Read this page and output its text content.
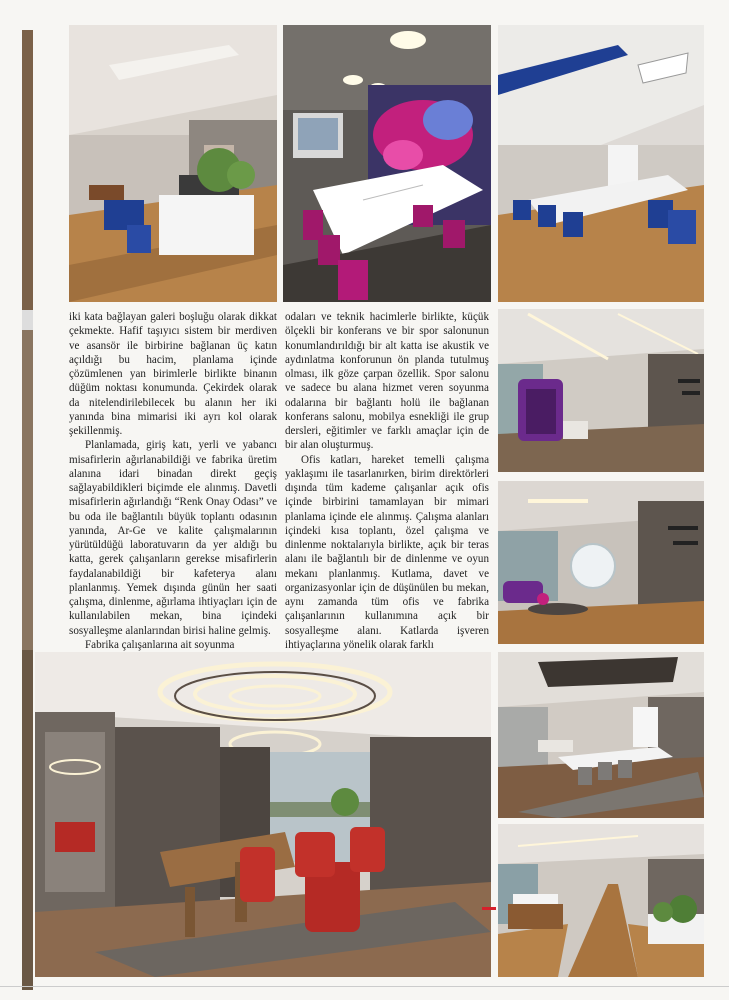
iki kata bağlayan galeri boşluğu olarak dikkat çekmekte. Hafif taşıyıcı sistem bir merdiven ve asansör ile birbirine bağlanan üç katın açıldığı bu hacim, planlama içinde çözümlenen yan birimlerle birlikte binanın düğüm noktası konumunda. Çekirdek olarak da nitelendirilebilecek bu alanın her iki yanında bina mimarisi iki ayrı kol olarak şekillenmiş.

Planlamada, giriş katı, yerli ve yabancı misafirlerin ağırlanabildiği ve fabrika üretim alanına idari binadan direkt geçiş sağlayabildikleri biçimde ele alınmış. Davetli misafirlerin ağırlandığı “Renk Onay Odası” ve bu oda ile bağlantılı büyük toplantı odasının yanında, Ar-Ge ve kalite çalışmalarının yürütüldüğü laboratuvarın da yer aldığı bu katta, gerek çalışanların gerekse misafirlerin faydalanabildiği bir kafeterya alanı planlanmış. Yemek dışında günün her saati çalışma, dinlenme, ağırlama ihtiyaçları için de kullanılabilen mekan, bina içindeki sosyalleşme alanlarından birisi haline gelmiş.

Fabrika çalışanlarına ait soyunma

odaları ve teknik hacimlerle birlikte, küçük ölçekli bir konferans ve bir spor salonunun konumlandırıldığı bir alt katta ise akustik ve aydınlatma konforunun ön planda tutulmuş olması, ilk göze çarpan özellik. Spor salonu ve sadece bu alana hizmet veren soyunma odalarına bir bağlantı holü ile bağlanan konferans salonu, mobilya esnekliği ile grup dersleri, eğitimler ve farklı amaçlar için de bir alan oluşturmuş.

Ofis katları, hareket temelli çalışma yaklaşımı ile tasarlanırken, birim direktörleri dışında tüm kademe çalışanlar açık ofis içinde birbirini tamamlayan bir mimari planlama içinde ele alınmış. Çalışma alanları içindeki kısa toplantı, özel çalışma ve dinlenme noktalarıyla birlikte, açık bir teras alanı ile bağlantılı bir de dinlenme ve oyun mekanı planlanmış. Kutlama, davet ve organizasyonlar için de düşünülen bu mekan, aynı zamanda tüm ofis ve fabrika çalışanlarının kullanımına açık bir sosyalleşme alanı. Katlarda işveren ihtiyaçlarına yönelik olarak farklı
